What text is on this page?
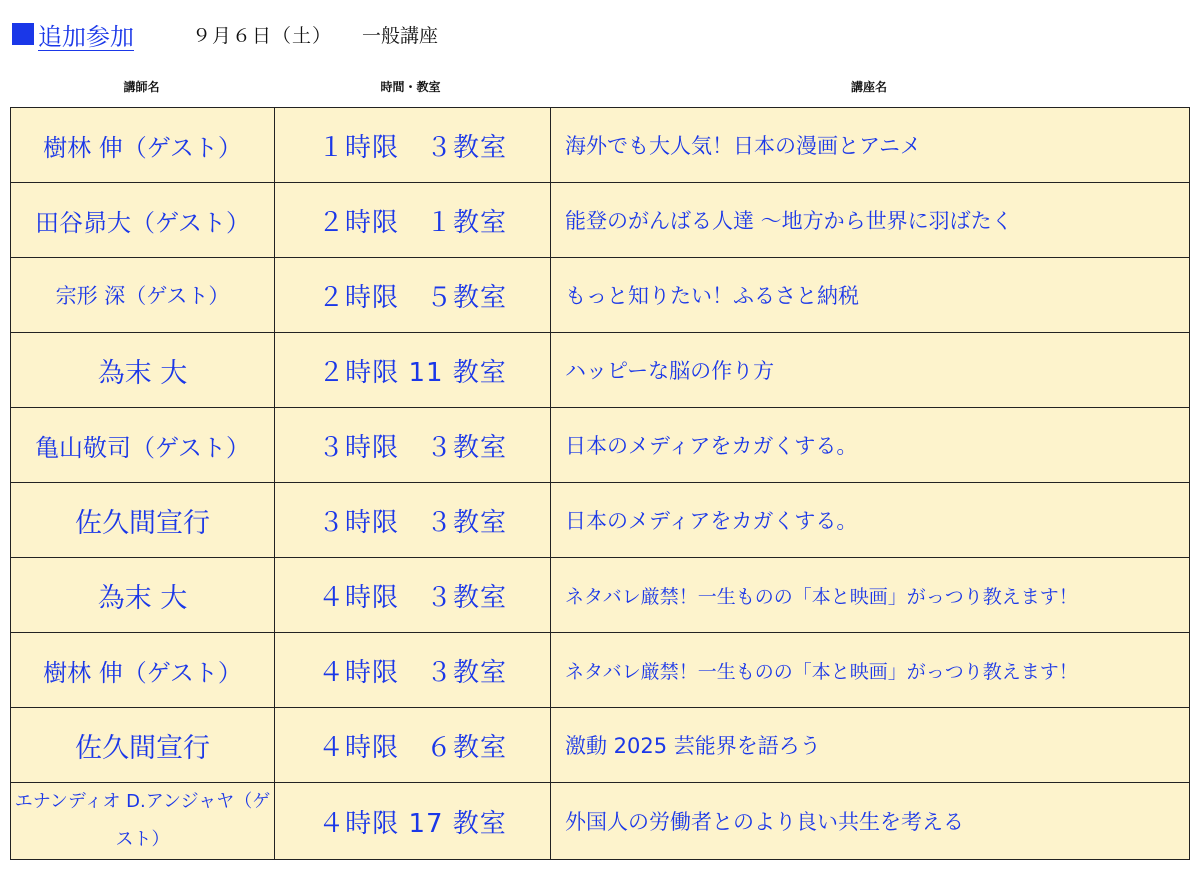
追加参加	９月６日（土） 一般講座
講師名	時間・教室	講座名
樹林 伸（ゲスト）	１時限　３教室	海外でも大人気！日本の漫画とアニメ
田谷昴大（ゲスト）	２時限　１教室	能登のがんばる人達 〜地方から世界に羽ばたく
宗形 深（ゲスト）	２時限　５教室	もっと知りたい！ふるさと納税
為末 大	２時限 11 教室	ハッピーな脳の作り方
亀山敬司（ゲスト）	３時限　３教室	日本のメディアをカガくする。
佐久間宣行	３時限　３教室	日本のメディアをカガくする。
為末 大	４時限　３教室	ネタバレ厳禁！一生ものの「本と映画」がっつり教えます！
樹林 伸（ゲスト）	４時限　３教室	ネタバレ厳禁！一生ものの「本と映画」がっつり教えます！
佐久間宣行	４時限　６教室	激動 2025 芸能界を語ろう
エナンディオ D.アンジャヤ（ゲスト）	４時限 17 教室	外国人の労働者とのより良い共生を考える
